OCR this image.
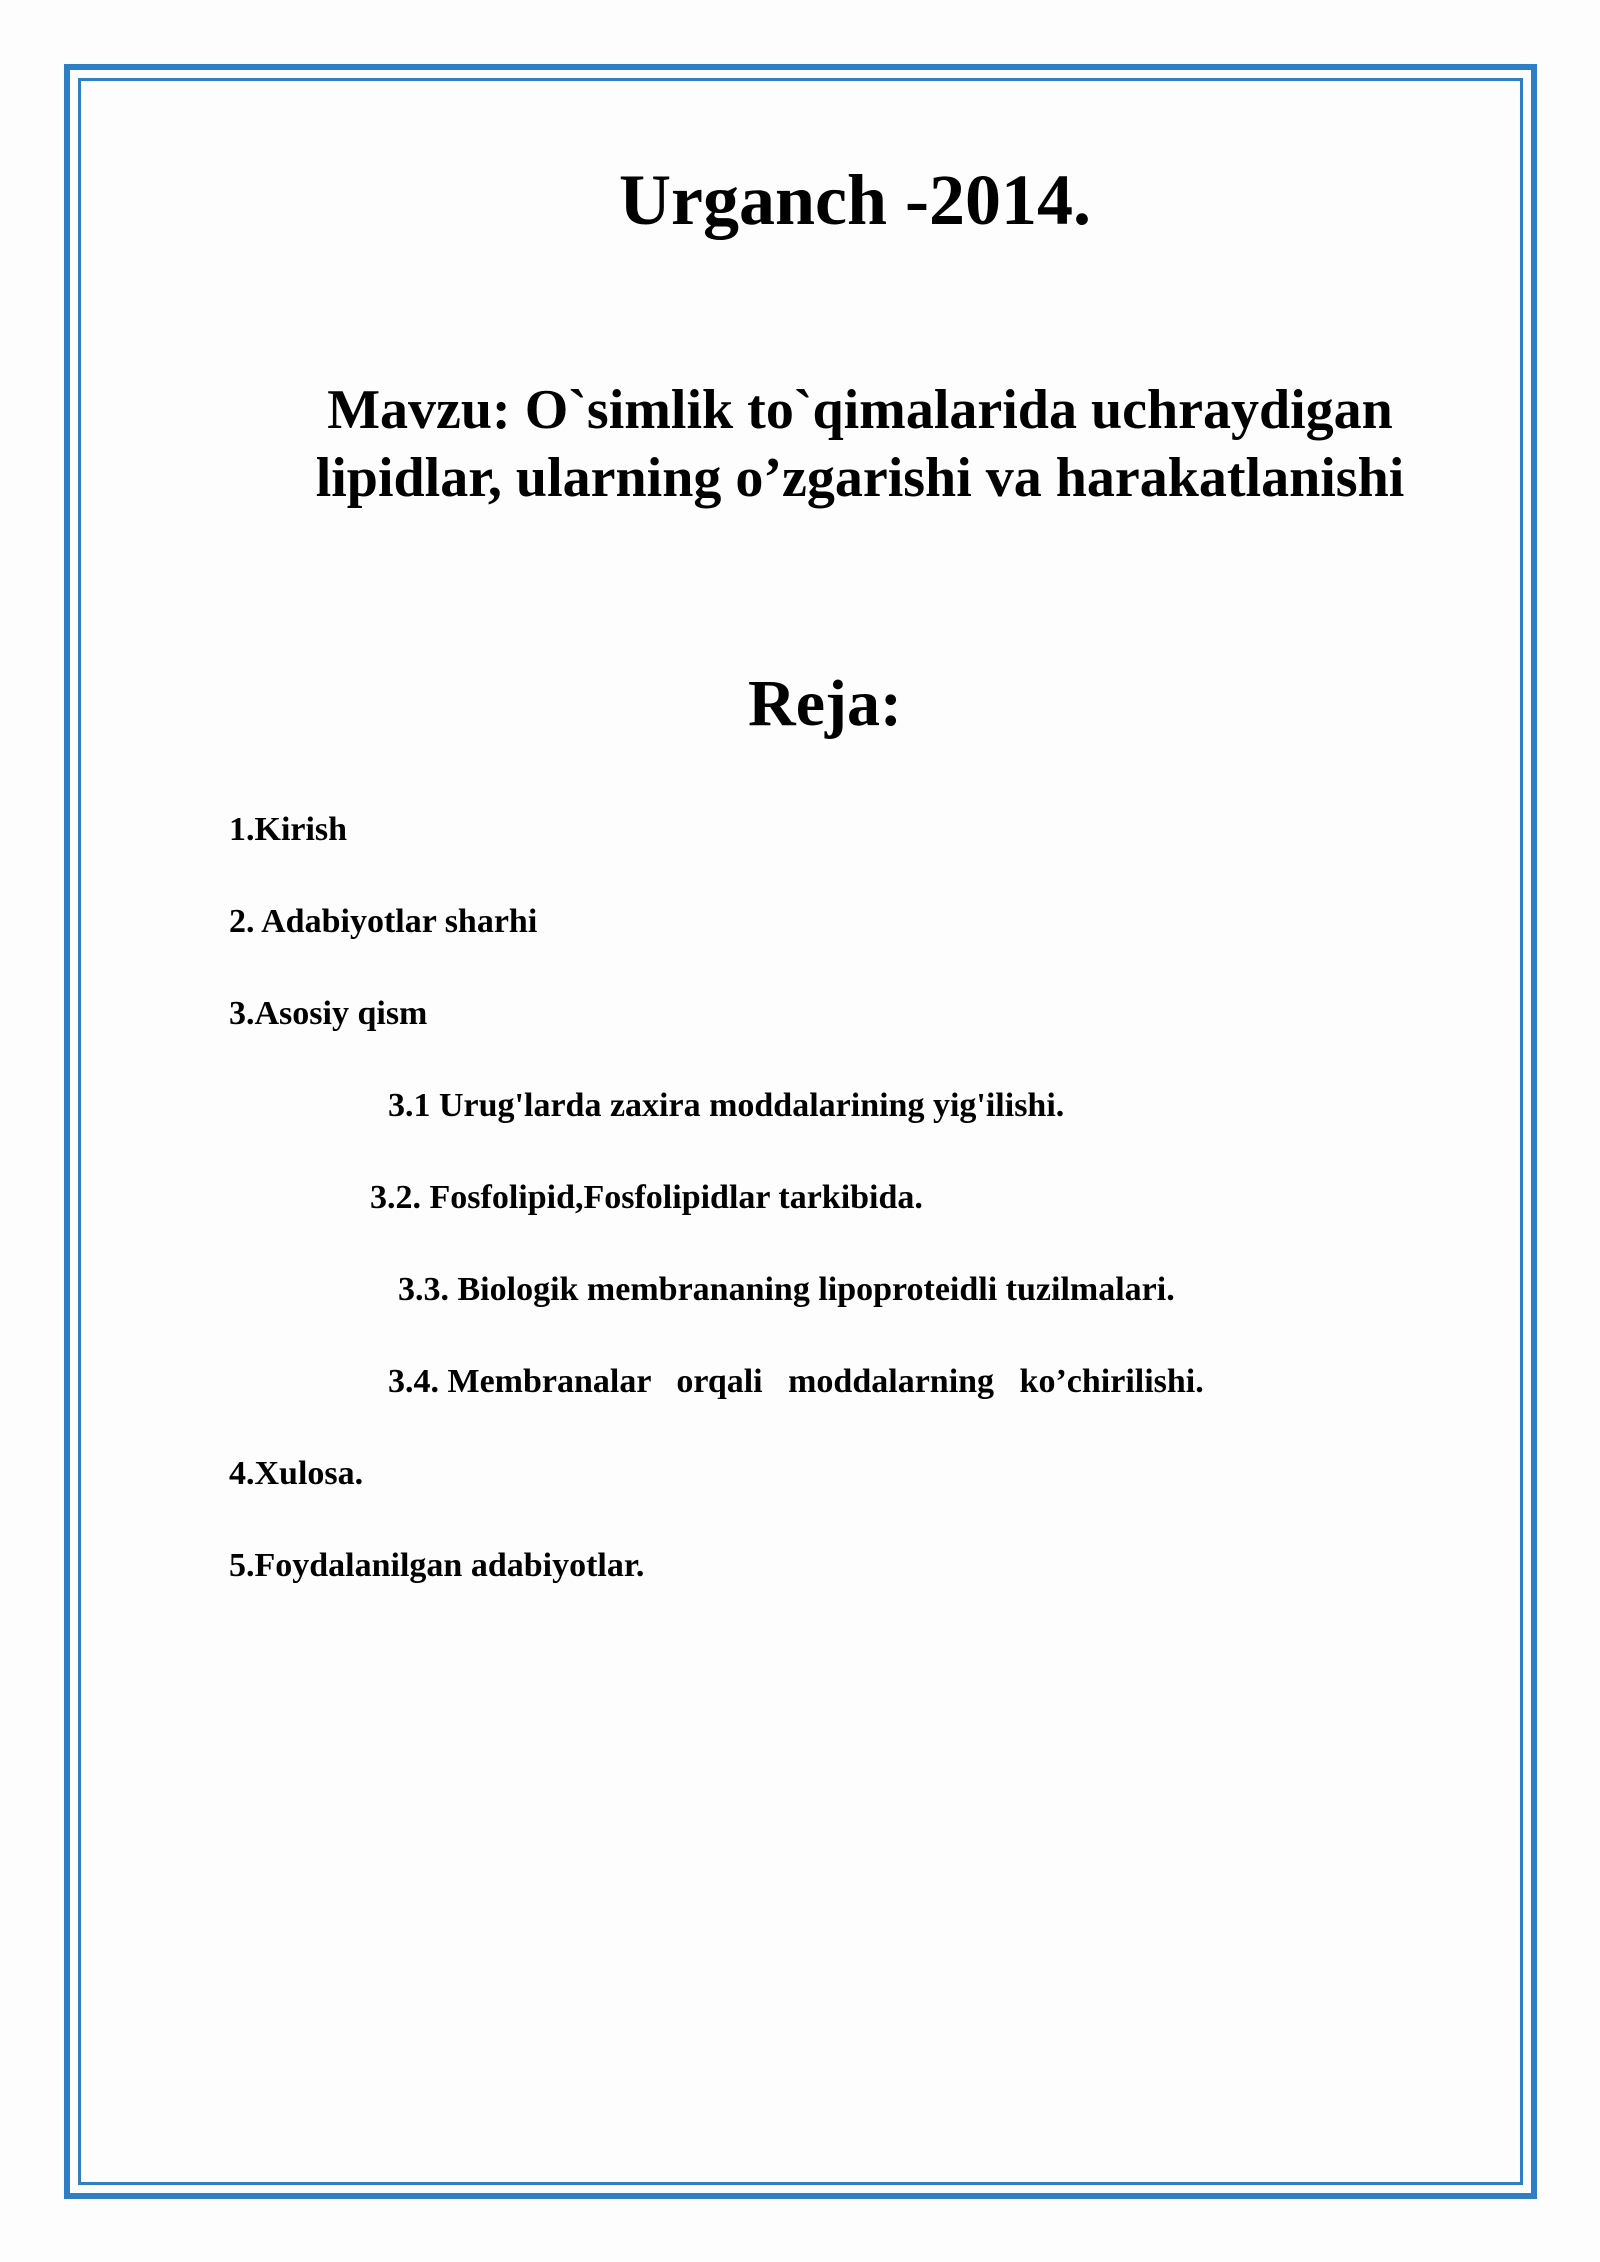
Urganch -2014.
Mavzu: O`simlik to`qimalarida uchraydigan lipidlar, ularning o’zgarishi va harakatlanishi
Reja:
1.Kirish
2. Adabiyotlar sharhi
3.Asosiy qism
3.1 Urug'larda zaxira moddalarining yig'ilishi.
3.2. Fosfolipid,Fosfolipidlar tarkibida.
3.3. Biologik membrananing lipoproteidli tuzilmalari.
3.4. Membranalar   orqali   moddalarning   ko’chirilishi.
4.Xulosa.
5.Foydalanilgan adabiyotlar.
